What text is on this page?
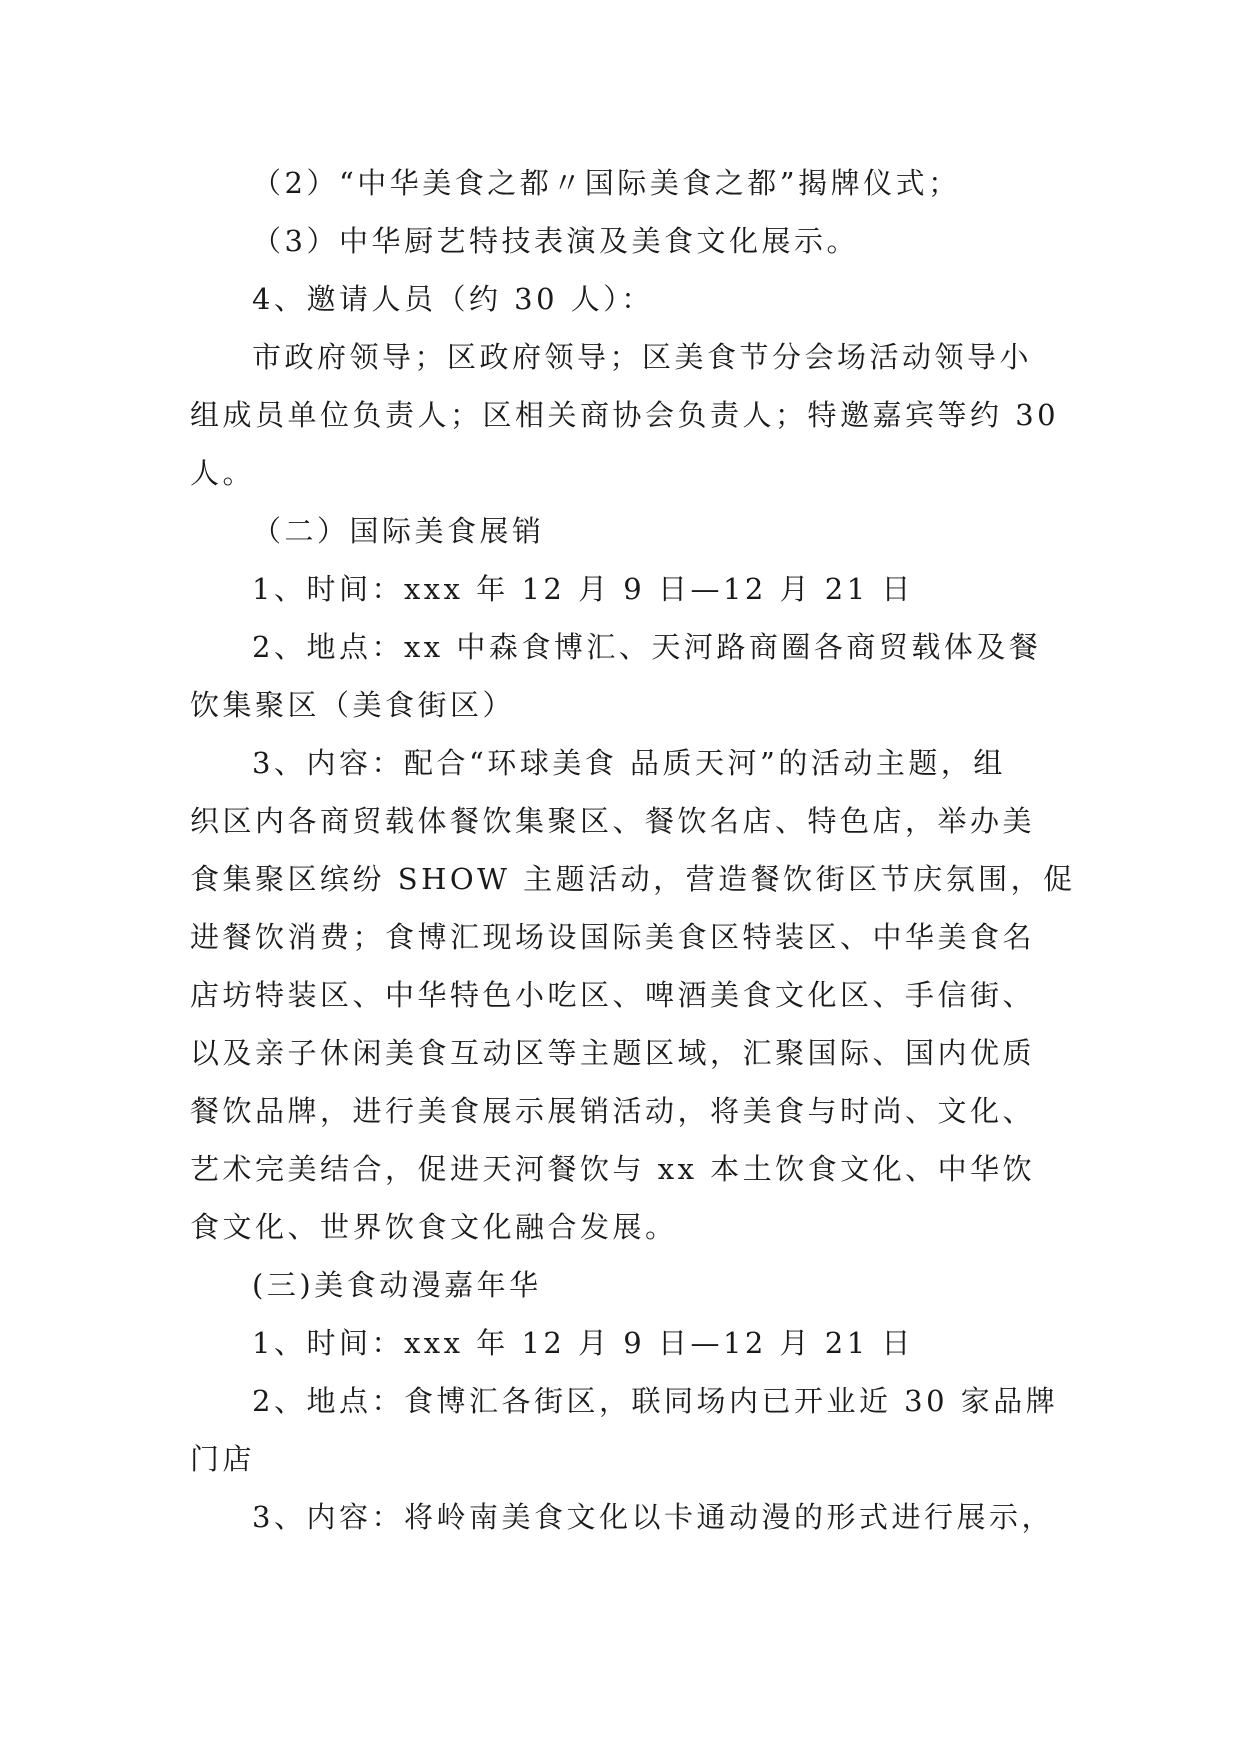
（2）“中华美食之都〃国际美食之都”揭牌仪式；
（3）中华厨艺特技表演及美食文化展示。
4、邀请人员（约 30 人）：
市政府领导；区政府领导；区美食节分会场活动领导小
组成员单位负责人；区相关商协会负责人；特邀嘉宾等约 30
人。
（二）国际美食展销
1、时间：xxx 年 12 月 9 日—12 月 21 日
2、地点：xx 中森食博汇、天河路商圈各商贸载体及餐
饮集聚区（美食街区）
3、内容：配合“环球美食 品质天河”的活动主题，组
织区内各商贸载体餐饮集聚区、餐饮名店、特色店，举办美
食集聚区缤纷 SHOW 主题活动，营造餐饮街区节庆氛围，促
进餐饮消费；食博汇现场设国际美食区特装区、中华美食名
店坊特装区、中华特色小吃区、啤酒美食文化区、手信街、
以及亲子休闲美食互动区等主题区域，汇聚国际、国内优质
餐饮品牌，进行美食展示展销活动，将美食与时尚、文化、
艺术完美结合，促进天河餐饮与 xx 本土饮食文化、中华饮
食文化、世界饮食文化融合发展。
(三)美食动漫嘉年华
1、时间：xxx 年 12 月 9 日—12 月 21 日
2、地点：食博汇各街区，联同场内已开业近 30 家品牌
门店
3、内容：将岭南美食文化以卡通动漫的形式进行展示，
